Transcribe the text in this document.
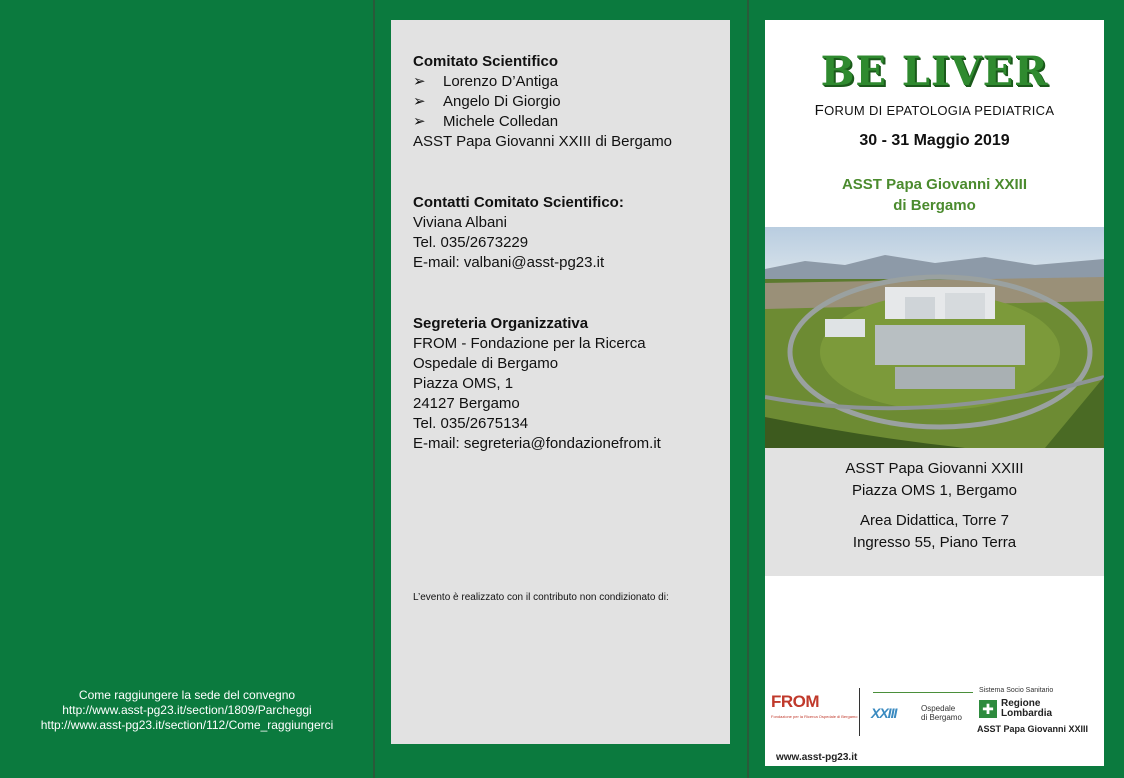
Come raggiungere la sede del convegno
http://www.asst-pg23.it/section/1809/Parcheggi
http://www.asst-pg23.it/section/112/Come_raggiungerci
Comitato Scientifico
➢	Lorenzo D’Antiga
➢	Angelo Di Giorgio
➢	Michele Colledan
ASST Papa Giovanni XXIII di Bergamo
Contatti Comitato Scientifico:
Viviana Albani
Tel. 035/2673229
E-mail: valbani@asst-pg23.it
Segreteria Organizzativa
FROM - Fondazione per la Ricerca
Ospedale di Bergamo
Piazza OMS, 1
24127 Bergamo
Tel. 035/2675134
E-mail: segreteria@fondazionefrom.it
L’evento è realizzato con il contributo non condizionato di:
BE LIVER
FORUM DI EPATOLOGIA PEDIATRICA
30 - 31 Maggio 2019
ASST Papa Giovanni XXIII
di Bergamo
ASST Papa Giovanni XXIII
Piazza OMS 1, Bergamo
Area Didattica, Torre 7
Ingresso 55, Piano Terra
FROM
Fondazione per la Ricerca Ospedale di Bergamo
Sistema Socio Sanitario
XXIII	Ospedale
di Bergamo
✚ Regione
Lombardia
ASST Papa Giovanni XXIII
www.asst-pg23.it
